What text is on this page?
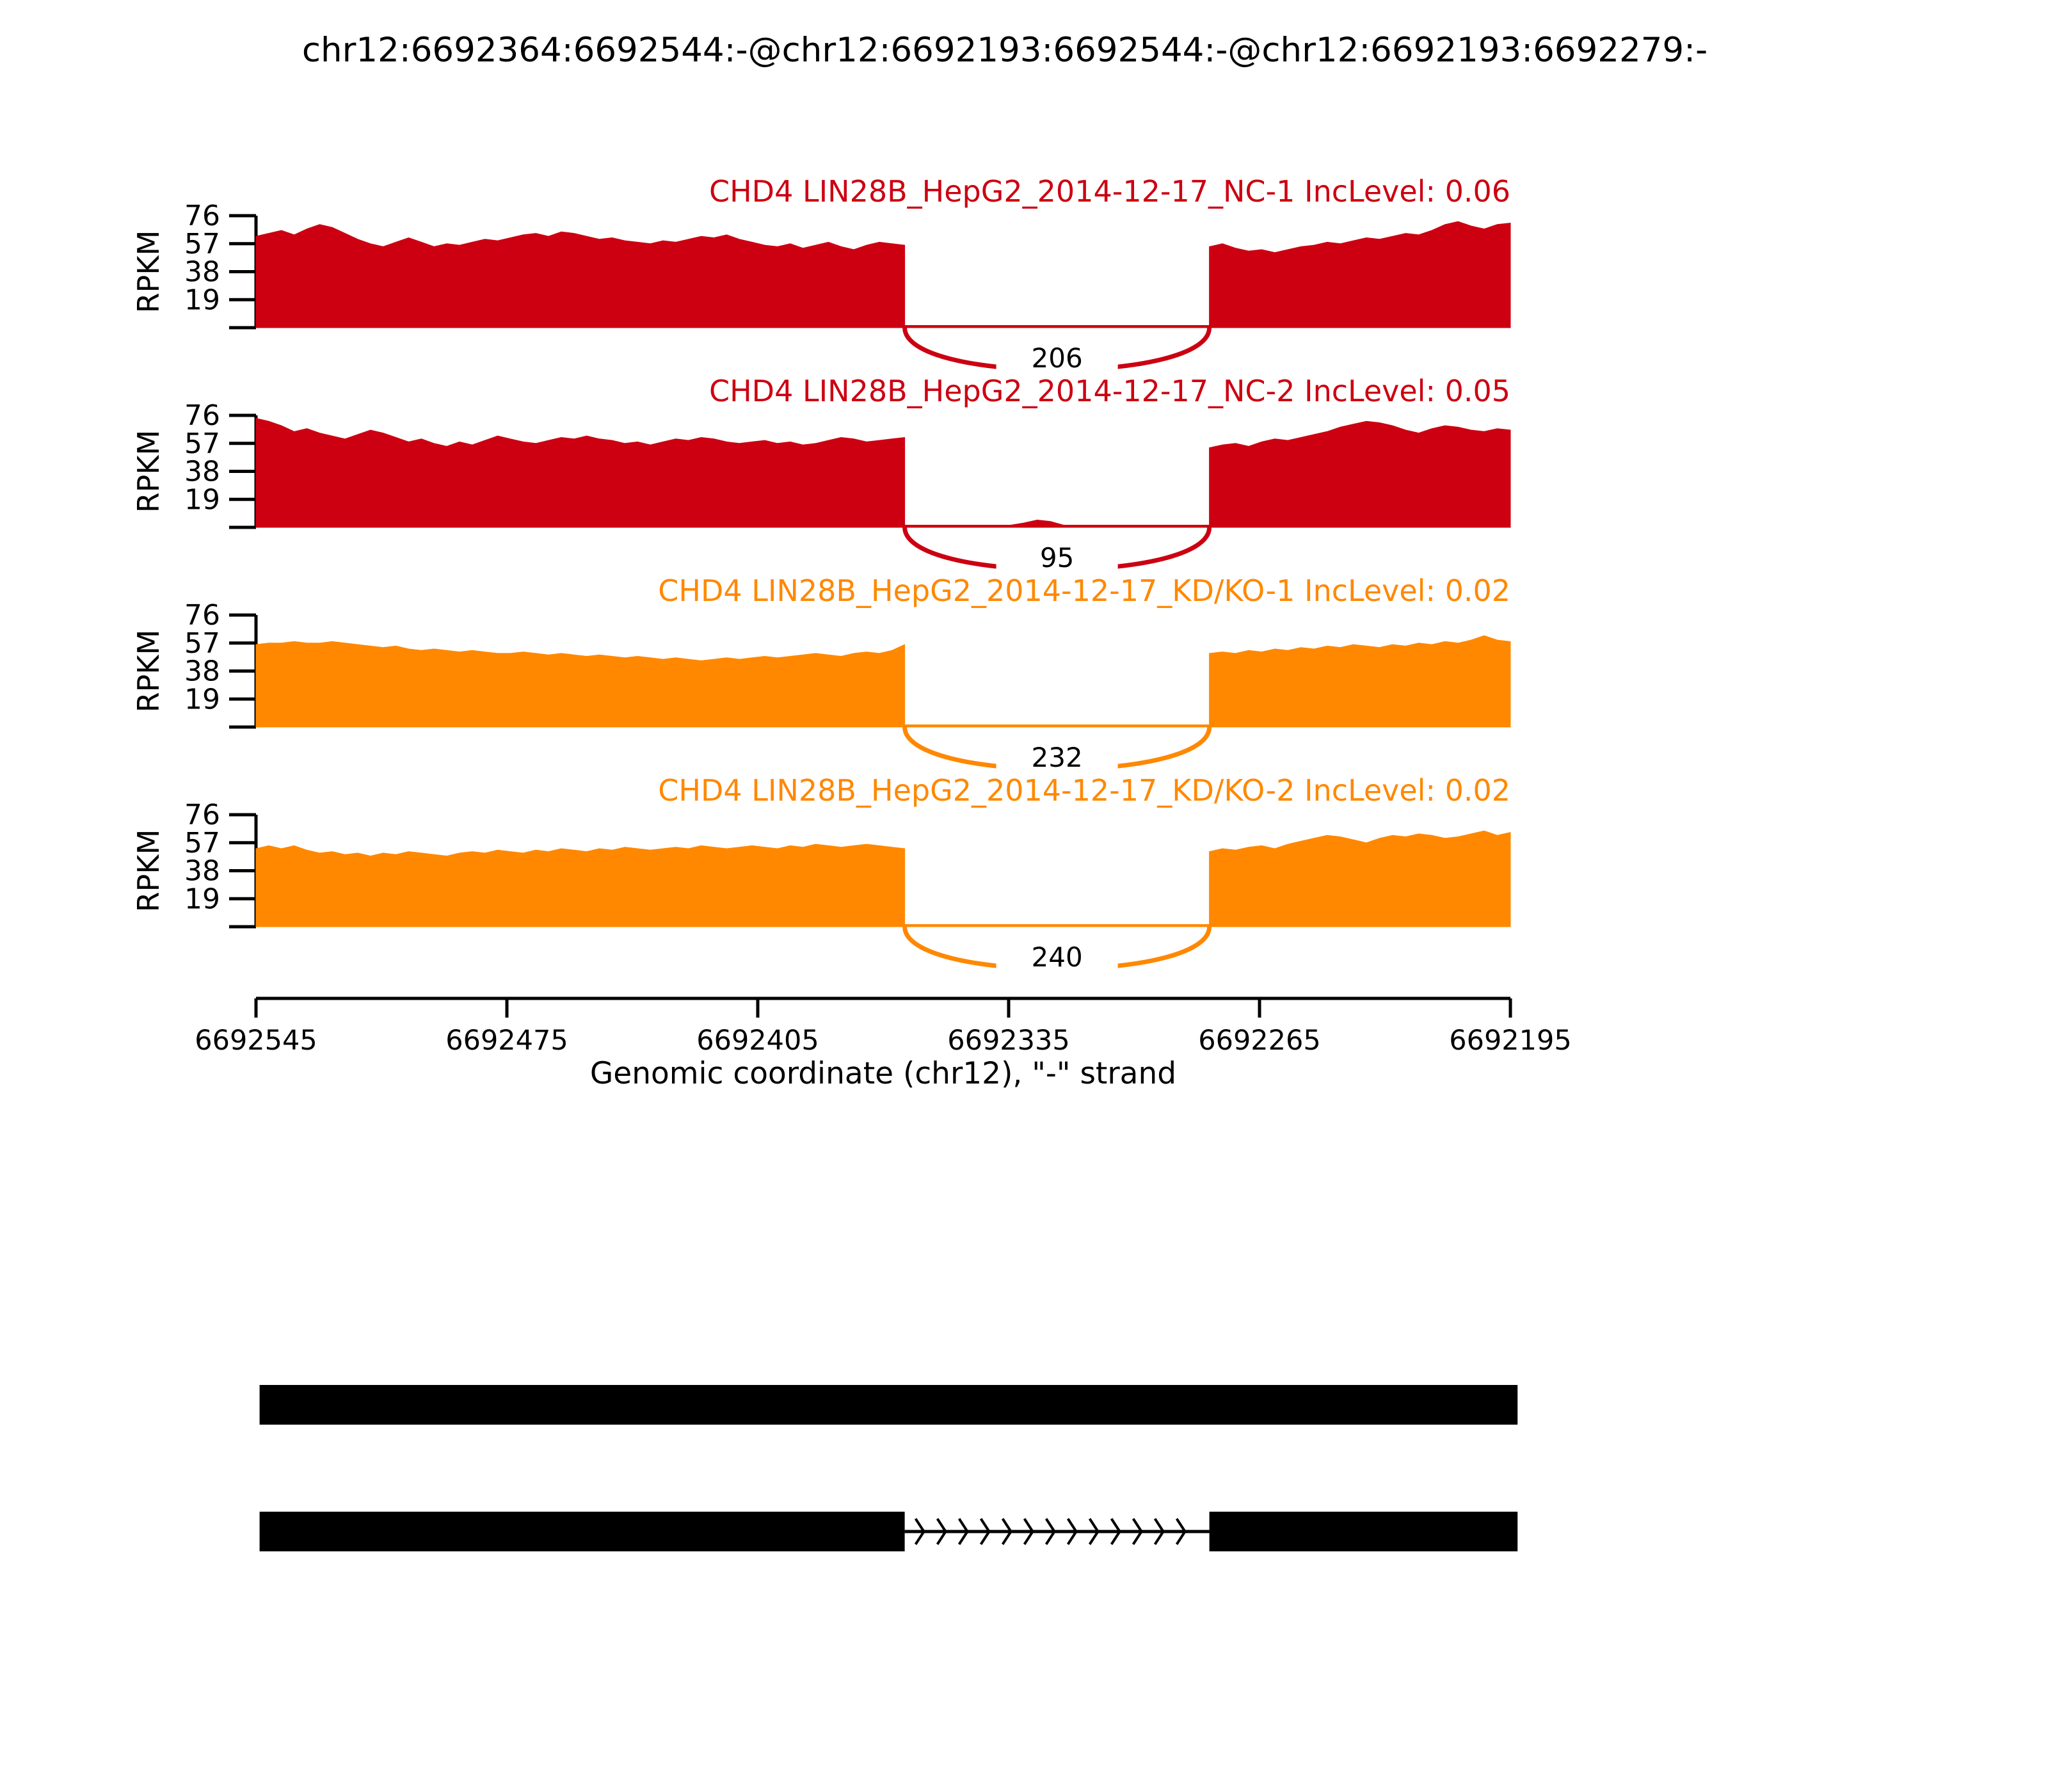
chr12:6692364:6692544:-@chr12:6692193:6692544:-@chr12:6692193:6692279:-
19
38
57
76
RPKM
206
CHD4 LIN28B_HepG2_2014-12-17_NC-1 IncLevel: 0.06
19
38
57
76
RPKM
95
CHD4 LIN28B_HepG2_2014-12-17_NC-2 IncLevel: 0.05
19
38
57
76
RPKM
232
CHD4 LIN28B_HepG2_2014-12-17_KD/KO-1 IncLevel: 0.02
19
38
57
76
RPKM
240
CHD4 LIN28B_HepG2_2014-12-17_KD/KO-2 IncLevel: 0.02
6692545	6692475	6692405	6692335	6692265	6692195
Genomic coordinate (chr12), "-" strand
